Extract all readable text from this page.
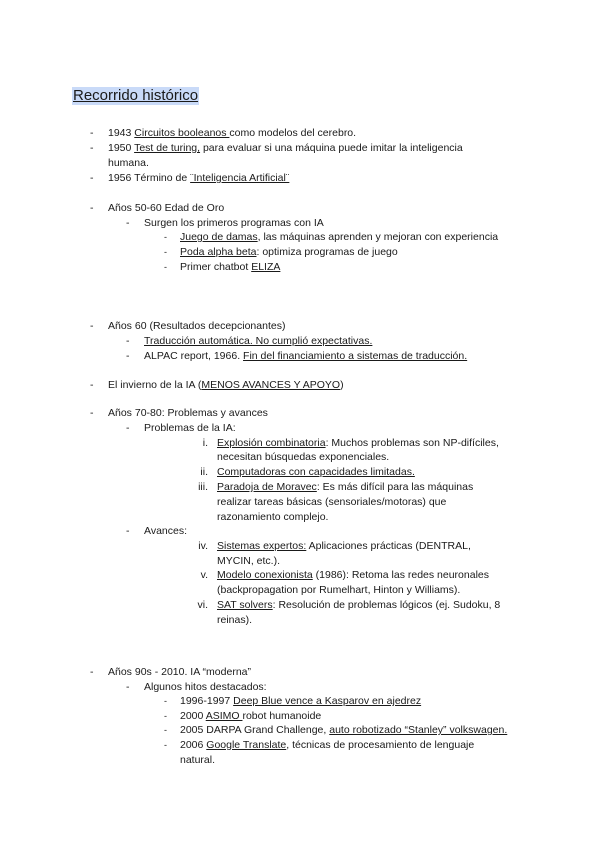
Recorrido histórico
- 1943 Circuitos booleanos como modelos del cerebro.
- 1950 Test de turing, para evaluar si una máquina puede imitar la inteligencia
humana.
- 1956 Término de ¨Inteligencia Artificial¨
- Años 50-60 Edad de Oro
- Surgen los primeros programas con IA
- Juego de damas, las máquinas aprenden y mejoran con experiencia
- Poda alpha beta: optimiza programas de juego
- Primer chatbot ELIZA
- Años 60 (Resultados decepcionantes)
- Traducción automática. No cumplió expectativas.
- ALPAC report, 1966. Fin del financiamiento a sistemas de traducción.
- El invierno de la IA (MENOS AVANCES Y APOYO)
- Años 70-80: Problemas y avances
- Problemas de la IA:
i. Explosión combinatoria: Muchos problemas son NP-difíciles,
necesitan búsquedas exponenciales.
ii. Computadoras con capacidades limitadas.
iii. Paradoja de Moravec: Es más difícil para las máquinas
realizar tareas básicas (sensoriales/motoras) que
razonamiento complejo.
- Avances:
iv. Sistemas expertos: Aplicaciones prácticas (DENTRAL,
MYCIN, etc.).
v. Modelo conexionista (1986): Retoma las redes neuronales
(backpropagation por Rumelhart, Hinton y Williams).
vi. SAT solvers: Resolución de problemas lógicos (ej. Sudoku, 8
reinas).
- Años 90s - 2010. IA “moderna”
- Algunos hitos destacados:
- 1996-1997 Deep Blue vence a Kasparov en ajedrez
- 2000 ASIMO robot humanoide
- 2005 DARPA Grand Challenge, auto robotizado “Stanley” volkswagen.
- 2006 Google Translate, técnicas de procesamiento de lenguaje
natural.
